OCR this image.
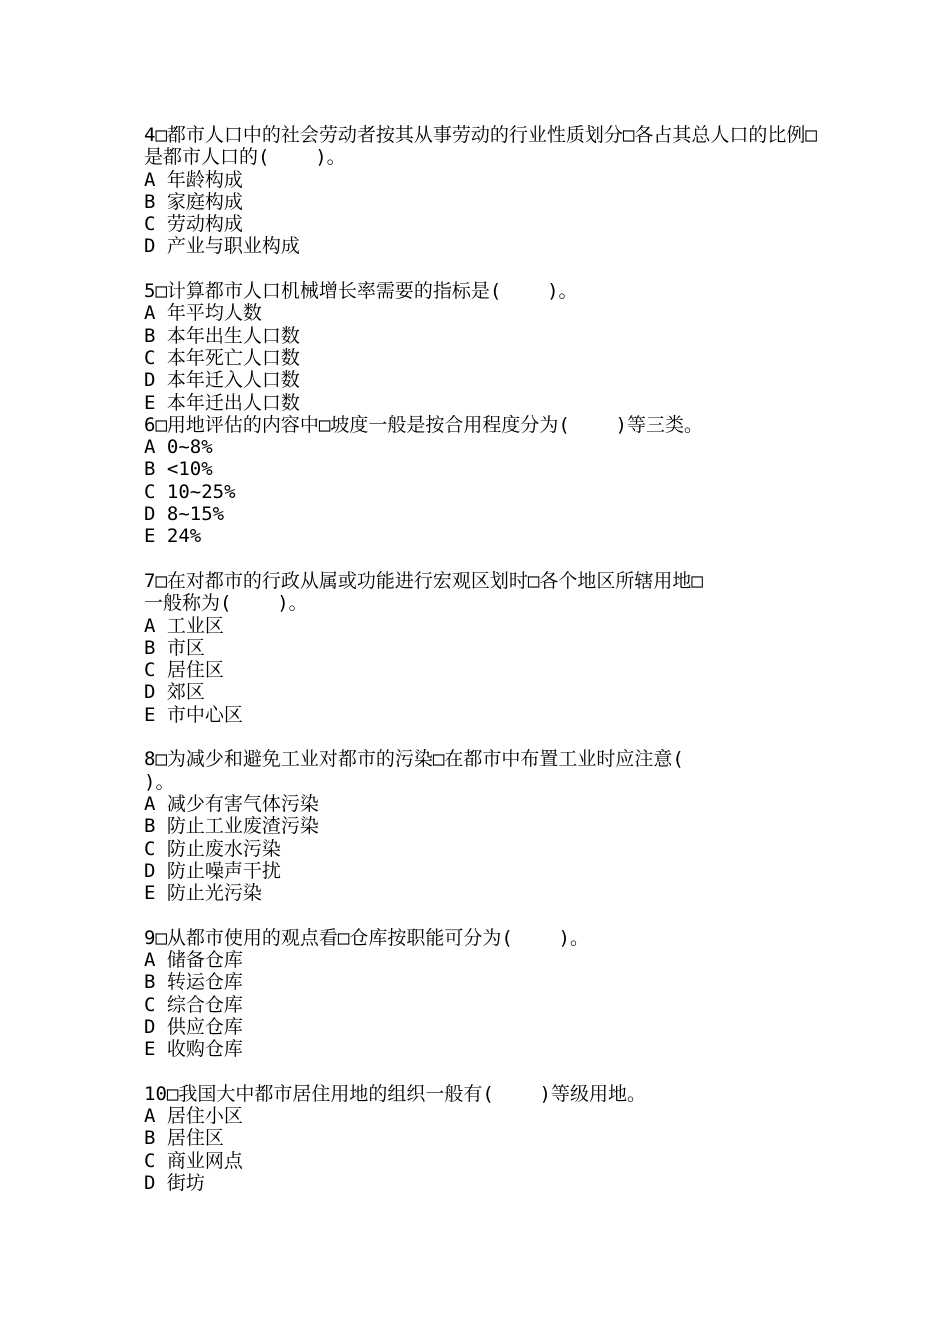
4□都市人口中的社会劳动者按其从事劳动的行业性质划分□各占其总人口的比例□是都市人口的(    )。
A 年龄构成
B 家庭构成
C 劳动构成
D 产业与职业构成
5□计算都市人口机械增长率需要的指标是(    )。
A 年平均人数
B 本年出生人口数
C 本年死亡人口数
D 本年迁入人口数
E 本年迁出人口数
6□用地评估的内容中□坡度一般是按合用程度分为(    )等三类。
A 0~8%
B <10%
C 10~25%
D 8~15%
E 24%
7□在对都市的行政从属或功能进行宏观区划时□各个地区所辖用地□
一般称为(    )。
A 工业区
B 市区
C 居住区
D 郊区
E 市中心区
8□为减少和避免工业对都市的污染□在都市中布置工业时应注意(
)。
A 减少有害气体污染
B 防止工业废渣污染
C 防止废水污染
D 防止噪声干扰
E 防止光污染
9□从都市使用的观点看□仓库按职能可分为(    )。
A 储备仓库
B 转运仓库
C 综合仓库
D 供应仓库
E 收购仓库
10□我国大中都市居住用地的组织一般有(    )等级用地。
A 居住小区
B 居住区
C 商业网点
D 街坊
